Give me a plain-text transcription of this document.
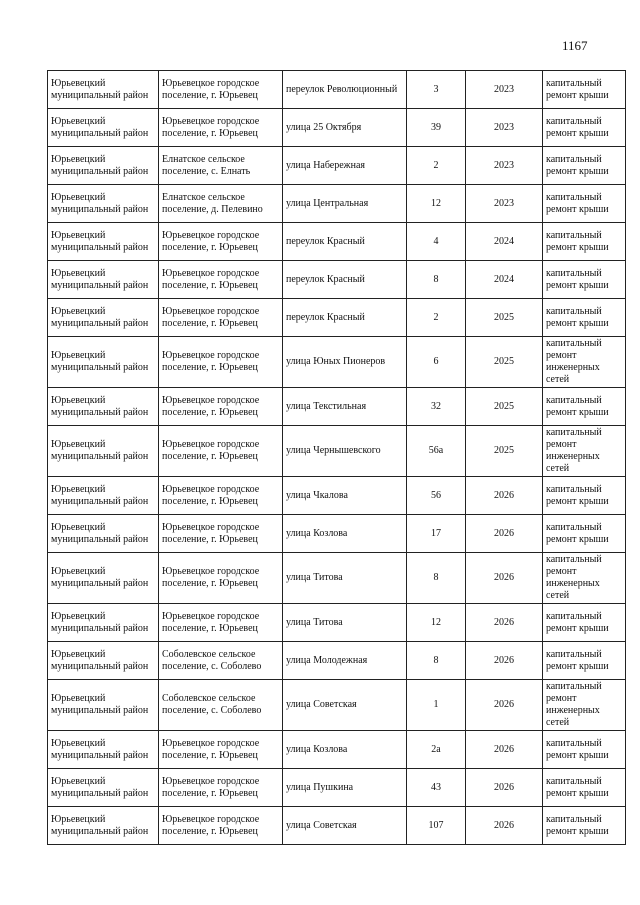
1167
Юрьевецкий муниципальный район	Юрьевецкое городское поселение, г. Юрьевец	переулок Революционный	3	2023	капитальный ремонт крыши

Юрьевецкий муниципальный район	Юрьевецкое городское поселение, г. Юрьевец	улица 25 Октября	39	2023	капитальный ремонт крыши

Юрьевецкий муниципальный район	Елнатское сельское поселение, с. Елнать	улица Набережная	2	2023	капитальный ремонт крыши

Юрьевецкий муниципальный район	Елнатское сельское поселение, д. Пелевино	улица Центральная	12	2023	капитальный ремонт крыши

Юрьевецкий муниципальный район	Юрьевецкое городское поселение, г. Юрьевец	переулок Красный	4	2024	капитальный ремонт крыши

Юрьевецкий муниципальный район	Юрьевецкое городское поселение, г. Юрьевец	переулок Красный	8	2024	капитальный ремонт крыши

Юрьевецкий муниципальный район	Юрьевецкое городское поселение, г. Юрьевец	переулок Красный	2	2025	капитальный ремонт крыши

Юрьевецкий муниципальный район	Юрьевецкое городское поселение, г. Юрьевец	улица Юных Пионеров	6	2025	капитальный ремонт инженерных сетей

Юрьевецкий муниципальный район	Юрьевецкое городское поселение, г. Юрьевец	улица Текстильная	32	2025	капитальный ремонт крыши

Юрьевецкий муниципальный район	Юрьевецкое городское поселение, г. Юрьевец	улица Чернышевского	56а	2025	капитальный ремонт инженерных сетей

Юрьевецкий муниципальный район	Юрьевецкое городское поселение, г. Юрьевец	улица Чкалова	56	2026	капитальный ремонт крыши

Юрьевецкий муниципальный район	Юрьевецкое городское поселение, г. Юрьевец	улица Козлова	17	2026	капитальный ремонт крыши

Юрьевецкий муниципальный район	Юрьевецкое городское поселение, г. Юрьевец	улица Титова	8	2026	капитальный ремонт инженерных сетей

Юрьевецкий муниципальный район	Юрьевецкое городское поселение, г. Юрьевец	улица Титова	12	2026	капитальный ремонт крыши

Юрьевецкий муниципальный район	Соболевское сельское поселение, с. Соболево	улица Молодежная	8	2026	капитальный ремонт крыши

Юрьевецкий муниципальный район	Соболевское сельское поселение, с. Соболево	улица Советская	1	2026	капитальный ремонт инженерных сетей

Юрьевецкий муниципальный район	Юрьевецкое городское поселение, г. Юрьевец	улица Козлова	2а	2026	капитальный ремонт крыши

Юрьевецкий муниципальный район	Юрьевецкое городское поселение, г. Юрьевец	улица Пушкина	43	2026	капитальный ремонт крыши

Юрьевецкий муниципальный район	Юрьевецкое городское поселение, г. Юрьевец	улица Советская	107	2026	капитальный ремонт крыши
